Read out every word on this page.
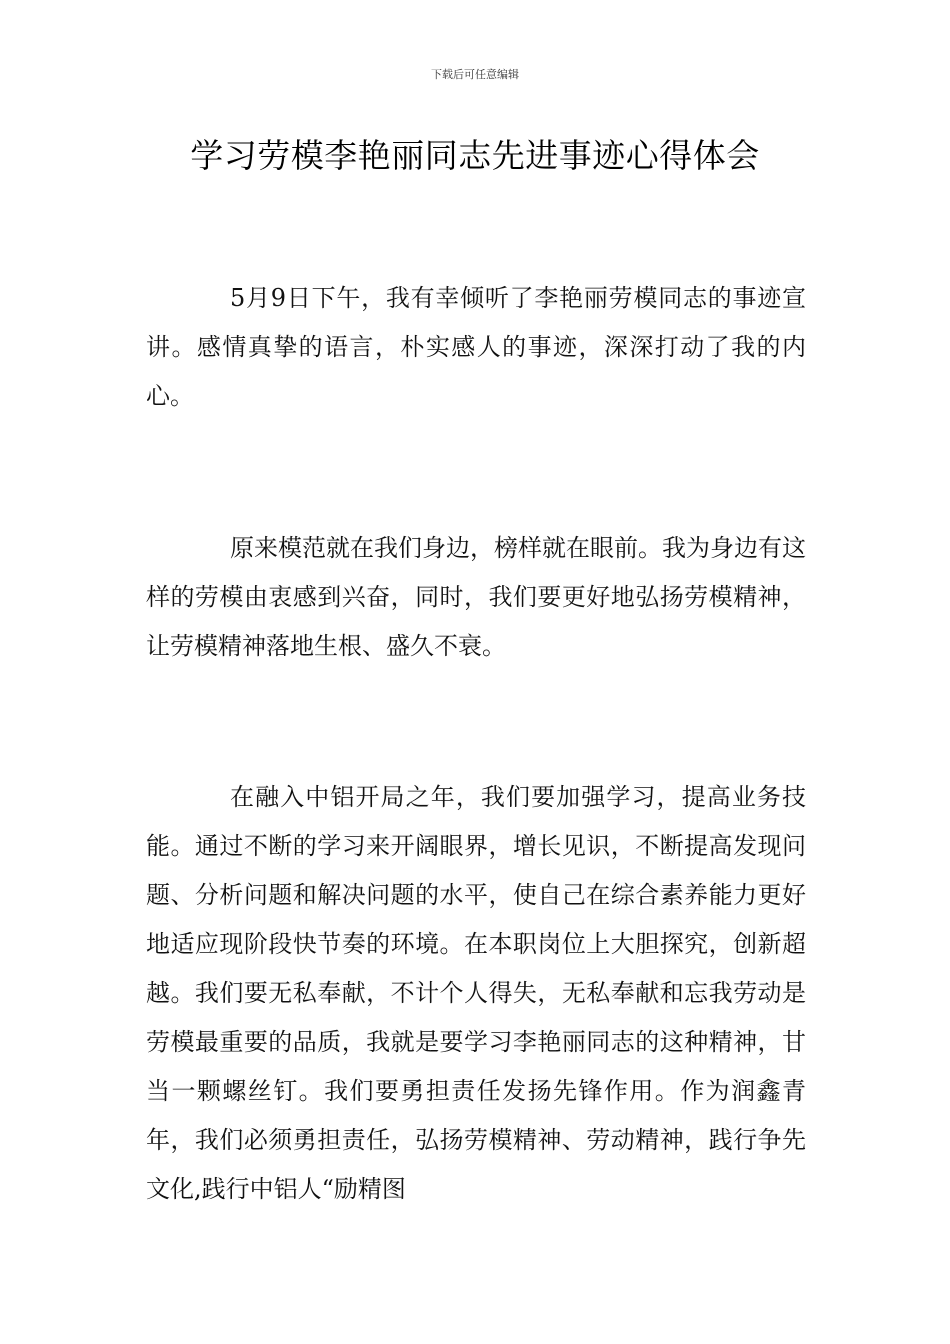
下载后可任意编辑
学习劳模李艳丽同志先进事迹心得体会

5月9日下午，我有幸倾听了李艳丽劳模同志的事迹宣讲。感情真挚的语言，朴实感人的事迹，深深打动了我的内心。

原来模范就在我们身边，榜样就在眼前。我为身边有这样的劳模由衷感到兴奋，同时，我们要更好地弘扬劳模精神，让劳模精神落地生根、盛久不衰。

在融入中铝开局之年，我们要加强学习，提高业务技能。通过不断的学习来开阔眼界，增长见识，不断提高发现问题、分析问题和解决问题的水平，使自己在综合素养能力更好地适应现阶段快节奏的环境。在本职岗位上大胆探究，创新超越。我们要无私奉献，不计个人得失，无私奉献和忘我劳动是劳模最重要的品质，我就是要学习李艳丽同志的这种精神，甘当一颗螺丝钉。我们要勇担责任发扬先锋作用。作为润鑫青年，我们必须勇担责任，弘扬劳模精神、劳动精神，践行争先文化,践行中铝人“励精图
